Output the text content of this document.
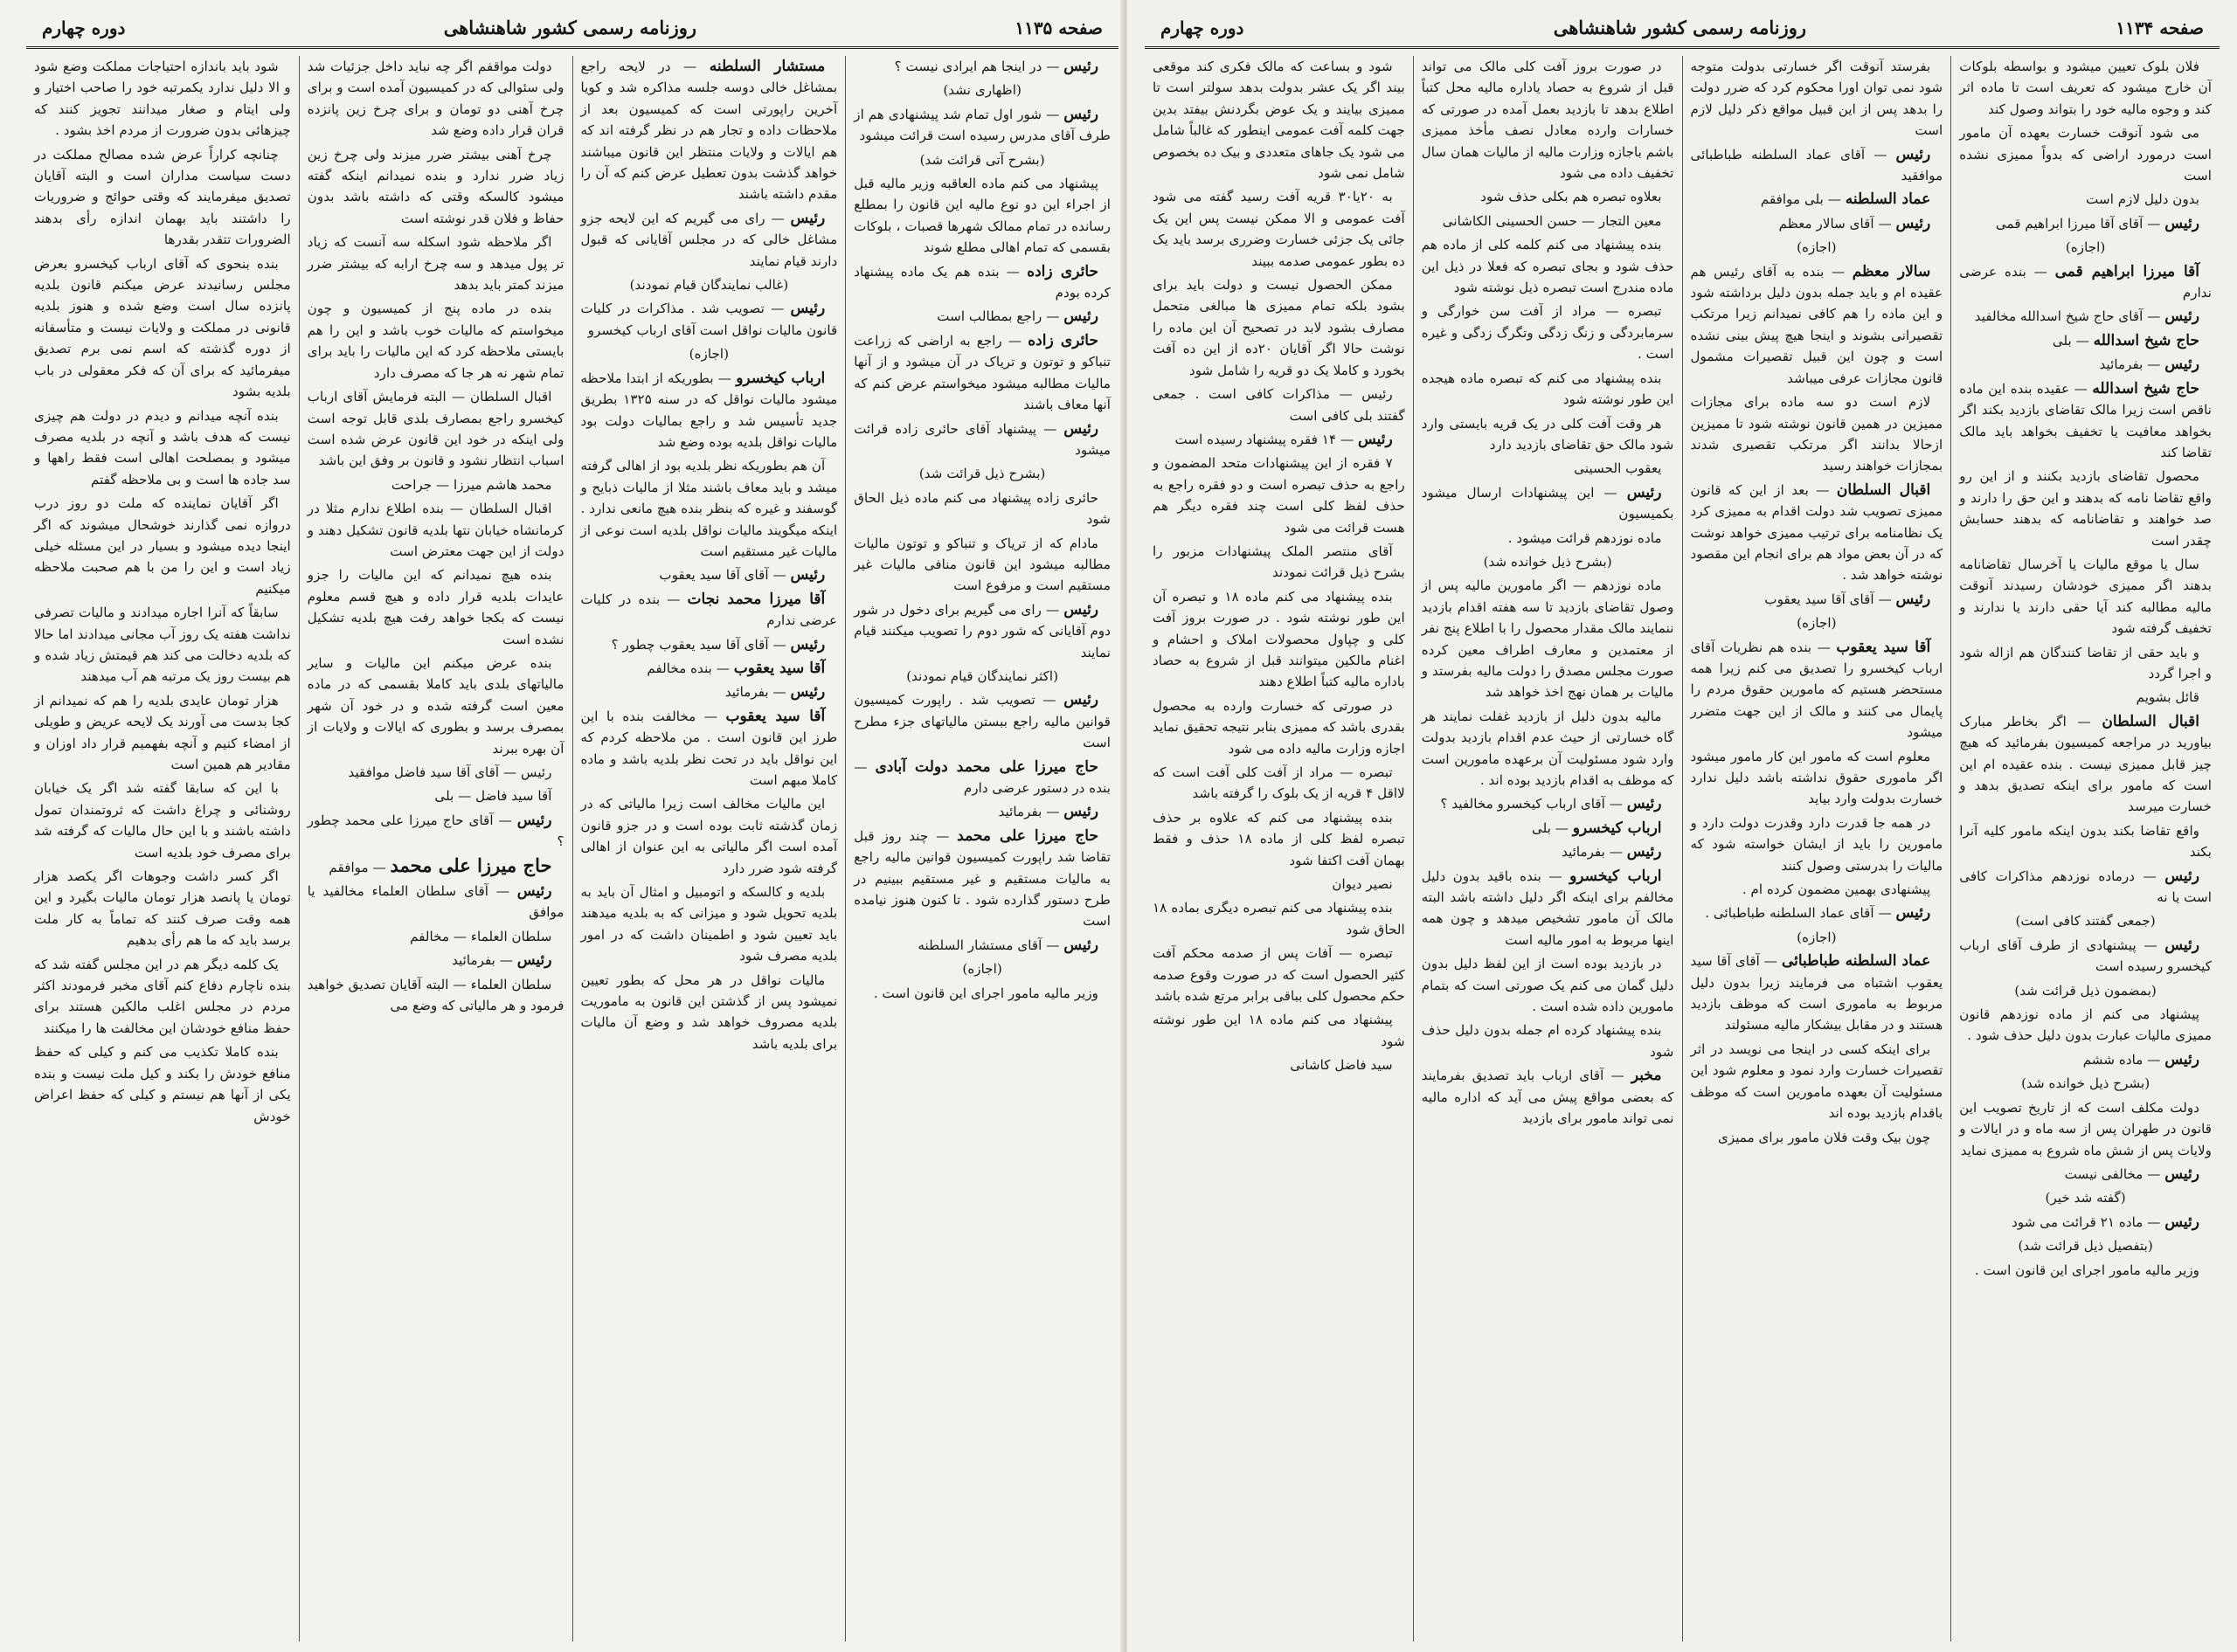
صفحه ۱۱۳۵
روزنامه رسمی کشور شاهنشاهی
دوره چهارم

رئیس — در اینجا هم ایرادی نیست ؟

(اظهاری نشد)

رئیس — شور اول تمام شد پیشنهادی هم از طرف آقای مدرس رسیده است قرائت میشود

(بشرح آتی قرائت شد)

پیشنهاد می کنم ماده العاقبه وزیر مالیه قبل از اجراء این دو نوع مالیه این قانون را بمطلع رسانده در تمام ممالک شهرها قصبات ، بلوکات بقسمی که تمام اهالی مطلع شوند

حائری زاده — بنده هم یک ماده پیشنهاد کرده بودم

رئیس — راجع بمطالب است

حائری زاده — راجع به اراضی که زراعت تنباکو و توتون و تریاک در آن میشود و از آنها مالیات مطالبه میشود میخواستم عرض کنم که آنها معاف باشند

رئیس — پیشنهاد آقای حائری زاده قرائت میشود

(بشرح ذیل قرائت شد)

حائری زاده پیشنهاد می کنم ماده ذیل الحاق شود

مادام که از تریاک و تنباکو و توتون مالیات مطالبه میشود این قانون منافی مالیات غیر مستقیم است و مرفوع است

رئیس — رای می گیریم برای دخول در شور دوم آقایانی که شور دوم را تصویب میکنند قیام نمایند

(اکثر نمایندگان قیام نمودند)

رئیس — تصویب شد . راپورت کمیسیون قوانین مالیه راجع ببستن مالیاتهای جزء مطرح است

حاج میرزا علی محمد دولت آبادی — بنده در دستور عرضی دارم

رئیس — بفرمائید

حاج میرزا علی محمد — چند روز قبل تقاضا شد راپورت کمیسیون قوانین مالیه راجع به مالیات مستقیم و غیر مستقیم ببینیم در طرح دستور گذارده شود . تا کنون هنوز نیامده است

رئیس — آقای مستشار السلطنه

(اجازه)

وزیر مالیه مامور اجرای این قانون است .

مستشار السلطنه — در لایحه راجع بمشاغل خالی دوسه جلسه مذاکره شد و کویا آخرین راپورتی است که کمیسیون بعد از ملاحظات داده و تجار هم در نظر گرفته اند که هم ایالات و ولایات منتظر این قانون میباشند خواهد گذشت بدون تعطیل عرض کنم که آن را مقدم داشته باشند

رئیس — رای می گیریم که این لایحه جزو مشاغل خالی که در مجلس آقایانی که قبول دارند قیام نمایند

(غالب نمایندگان قیام نمودند)

رئیس — تصویب شد . مذاکرات در کلیات قانون مالیات نواقل است آقای ارباب کیخسرو

(اجازه)

ارباب کیخسرو — بطوریکه از ابتدا ملاحظه میشود مالیات نواقل که در سنه ۱۳۲۵ بطریق جدید تأسیس شد و راجع بمالیات دولت بود مالیات نواقل بلدیه بوده وضع شد

آن هم بطوریکه نظر بلدیه بود از اهالی گرفته میشد و باید معاف باشند مثلا از مالیات ذبایح و گوسفند و غیره که بنظر بنده هیچ مانعی ندارد . اینکه میگویند مالیات نواقل بلدیه است نوعی از مالیات غیر مستقیم است

رئیس — آقای آقا سید یعقوب

آقا میرزا محمد نجات — بنده در کلیات عرضی ندارم

رئیس — آقای آقا سید یعقوب چطور ؟

آقا سید یعقوب — بنده مخالفم

رئیس — بفرمائید

آقا سید یعقوب — مخالفت بنده با این طرز این قانون است . من ملاحظه کردم که این نواقل باید در تحت نظر بلدیه باشد و ماده کاملا مبهم است

این مالیات مخالف است زیرا مالیاتی که در زمان گذشته ثابت بوده است و در جزو قانون آمده است اگر مالیاتی به این عنوان از اهالی گرفته شود ضرر دارد

بلدیه و کالسکه و اتومبیل و امثال آن باید به بلدیه تحویل شود و میزانی که به بلدیه میدهند باید تعیین شود و اطمینان داشت که در امور بلدیه مصرف شود

مالیات نواقل در هر محل که بطور تعیین نمیشود پس از گذشتن این قانون به ماموریت بلدیه مصروف خواهد شد و وضع آن مالیات برای بلدیه باشد

دولت مواقفم اگر چه نباید داخل جزئیات شد ولی سئوالی که در کمیسیون آمده است و برای چرخ آهنی دو تومان و برای چرخ زین پانزده قران قرار داده وضع شد

چرخ آهنی بیشتر ضرر میزند ولی چرخ زین زیاد ضرر ندارد و بنده نمیدانم اینکه گفته میشود کالسکه وقتی که داشته باشد بدون حفاظ و فلان قدر نوشته است

اگر ملاحظه شود اسکله سه آنست که زیاد تر پول میدهد و سه چرخ ارابه که بیشتر ضرر میزند کمتر باید بدهد

بنده در ماده پنج از کمیسیون و چون میخواستم که مالیات خوب باشد و این را هم بایستی ملاحظه کرد که این مالیات را باید برای تمام شهر نه هر جا که مصرف دارد

اقبال السلطان — البته فرمایش آقای ارباب کیخسرو راجع بمصارف بلدی قابل توجه است ولی اینکه در خود این قانون عرض شده است اسباب انتظار نشود و قانون بر وفق این باشد

محمد هاشم میرزا — جراحت

اقبال السلطان — بنده اطلاع ندارم مثلا در کرمانشاه خیابان نتها بلدیه قانون تشکیل دهند و دولت از این جهت معترض است

بنده هیچ نمیدانم که این مالیات را جزو عایدات بلدیه قرار داده و هیچ قسم معلوم نیست که بکجا خواهد رفت هیچ بلدیه تشکیل نشده است

بنده عرض میکنم این مالیات و سایر مالیاتهای بلدی باید کاملا بقسمی که در ماده معین است گرفته شده و در خود آن شهر بمصرف برسد و بطوری که ایالات و ولایات از آن بهره ببرند

رئیس — آقای آقا سید فاضل موافقید

آقا سید فاضل — بلی

رئیس — آقای حاج میرزا علی محمد چطور ؟

حاج میرزا علی محمد — موافقم

رئیس — آقای سلطان العلماء مخالفید یا موافق

سلطان العلماء — مخالفم

رئیس — بفرمائید

سلطان العلماء — البته آقایان تصدیق خواهید فرمود و هر مالیاتی که وضع می

شود باید باندازه احتیاجات مملکت وضع شود و الا دلیل ندارد یکمرتبه خود را صاحب اختیار و ولی ایتام و صغار میدانند تجویز کنند که چیزهائی بدون ضرورت از مردم اخذ بشود .

چنانچه کراراً عرض شده مصالح مملکت در دست سیاست مداران است و البته آقایان تصدیق میفرمایند که وقتی حوائج و ضروریات را داشتند باید بهمان اندازه رأی بدهند الضرورات تتقدر بقدرها

بنده بنحوی که آقای ارباب کیخسرو بعرض مجلس رسانیدند عرض میکنم قانون بلدیه پانزده سال است وضع شده و هنوز بلدیه قانونی در مملکت و ولایات نیست و متأسفانه از دوره گذشته که اسم نمی برم تصدیق میفرمائید که برای آن که فکر معقولی در باب بلدیه بشود

بنده آنچه میدانم و دیدم در دولت هم چیزی نیست که هدف باشد و آنچه در بلدیه مصرف میشود و بمصلحت اهالی است فقط راهها و سد جاده ها است و بی ملاحظه گفتم

اگر آقایان نماینده که ملت دو روز درب دروازه نمی گذارند خوشحال میشوند که اگر اینجا دیده میشود و بسیار در این مسئله خیلی زیاد است و این را من با هم صحبت ملاحظه میکنیم

سابقاً که آنرا اجاره میدادند و مالیات تصرفی نداشت هفته یک روز آب مجانی میدادند اما حالا که بلدیه دخالت می کند هم قیمتش زیاد شده و هم بیست روز یک مرتبه هم آب مید‌هند

هزار تومان عایدی بلدیه را هم که نمیدانم از کجا بدست می آورند یک لایحه عریض و طویلی از امضاء کنیم و آنچه بفهمیم قرار داد اوزان و مقادیر هم همین است

با این که سابقا گفته شد اگر یک خیابان روشنائی و چراغ داشت که ثروتمندان تمول داشته باشند و با این حال مالیات که گرفته شد برای مصرف خود بلدیه است

اگر کسر داشت وجوهات اگر یکصد هزار تومان یا پانصد هزار تومان مالیات بگیرد و این همه وقت صرف کنند که تماماً به کار ملت برسد باید که ما هم رأی بدهیم

یک کلمه دیگر هم در این مجلس گفته شد که بنده ناچارم دفاع کنم آقای مخبر فرمودند اکثر مردم در مجلس اغلب مالکین هستند برای حفظ منافع خودشان این مخالفت ها را میکنند

بنده کاملا تکذیب می کنم و کیلی که حفظ منافع خودش را بکند و کیل ملت نیست و بنده یکی از آنها هم نیستم و کیلی که حفظ اعراض خودش

صفحه ۱۱۳۴
روزنامه رسمی کشور شاهنشاهی
دوره چهارم

فلان بلوک تعیین میشود و بواسطه بلوکات آن خارج میشود که تعریف است تا ماده اثر کند و وجوه مالیه خود را بتواند وصول کند

می شود آنوقت خسارت بعهده آن مامور است درمورد اراضی که بدواً ممیزی نشده است

بدون دلیل لازم است

رئیس — آقای آقا میرزا ابراهیم قمی

(اجازه)

آقا میرزا ابراهیم قمی — بنده عرضی ندارم

رئیس — آقای حاج شیخ اسدالله مخالفید

حاج شیخ اسدالله — بلی

رئیس — بفرمائید

حاج شیخ اسدالله — عقیده بنده این ماده ناقص است زیرا مالک تقاضای بازدید بکند اگر بخواهد معافیت یا تخفیف بخواهد باید مالک تقاضا کند

محصول تقاضای بازدید بکنند و از این رو واقع تقاضا نامه که بدهند و این حق را دارند و صد خواهند و تقاضانامه که بدهند حسابش چقدر است

سال یا موقع مالیات یا آخرسال تقاضانامه بدهند اگر ممیزی خودشان رسیدند آنوقت مالیه مطالبه کند آیا حقی دارند یا ندارند و تخفیف گرفته شود

و باید حقی از تقاضا کنندگان هم ازاله شود و اجرا گردد

قائل بشویم

اقبال السلطان — اگر بخاطر مبارک بیاورید در مراجعه کمیسیون بفرمائید که هیچ چیز قابل ممیزی نیست . بنده عقیده ام این است که مامور برای اینکه تصدیق بدهد و خسارت میرسد

واقع تقاضا بکند بدون اینکه مامور کلیه آنرا بکند

رئیس — درماده نوزدهم مذاکرات کافی است یا نه

(جمعی گفتند کافی است)

رئیس — پیشنهادی از طرف آقای ارباب کیخسرو رسیده است

(بمضمون ذیل قرائت شد)

پیشنهاد می کنم از ماده نوزدهم قانون ممیزی مالیات عبارت بدون دلیل حذف شود .

رئیس — ماده ششم

(بشرح ذیل خوانده شد)

دولت مکلف است که از تاریخ تصویب این قانون در طهران پس از سه ماه و در ایالات و ولایات پس از شش ماه شروع به ممیزی نماید

رئیس — مخالفی نیست

(گفته شد خیر)

رئیس — ماده ۲۱ قرائت می شود

(بتفصیل ذیل قرائت شد)

وزیر مالیه مامور اجرای این قانون است .

بفرستد آنوقت اگر خسارتی بدولت متوجه شود نمی توان اورا محکوم کرد که ضرر دولت را بدهد پس از این قبیل مواقع ذکر دلیل لازم است

رئیس — آقای عماد السلطنه طباطبائی موافقید

عماد السلطنه — بلی موافقم

رئیس — آقای سالار معظم

(اجازه)

سالار معظم — بنده به آقای رئیس هم عقیده ام و باید جمله بدون دلیل برداشته شود و این ماده را هم کافی نمیدانم زیرا مرتکب تقصیرانی بشوند و اینجا هیچ پیش بینی نشده است و چون این قبیل تقصیرات مشمول قانون مجازات عرفی میباشد

لازم است دو سه ماده برای مجازات ممیزین در همین قانون نوشته شود تا ممیزین ازحالا بدانند اگر مرتکب تقصیری شدند بمجازات خواهند رسید

اقبال السلطان — بعد از این که قانون ممیزی تصویب شد دولت اقدام به ممیزی کرد یک نظامنامه برای ترتیب ممیزی خواهد نوشت که در آن بعض مواد هم برای انجام این مقصود نوشته خواهد شد .

رئیس — آقای آقا سید یعقوب

(اجازه)

آقا سید یعقوب — بنده هم نظریات آقای ارباب کیخسرو را تصدیق می کنم زیرا همه مستحضر هستیم که مامورین حقوق مردم را پایمال می کنند و مالک از این جهت متضرر میشود

معلوم است که مامور این کار مامور میشود اگر ماموری حقوق نداشته باشد دلیل ندارد خسارت بدولت وارد بیاید

در همه جا قدرت دارد وقدرت دولت دارد و مامورین را باید از ایشان خواسته شود که مالیات را بدرستی وصول کنند

پیشنهادی بهمین مضمون کرده ام .

رئیس — آقای عماد السلطنه طباطبائی .

(اجازه)

عماد السلطنه طباطبائی — آقای آقا سید یعقوب اشتباه می فرمایند زیرا بدون دلیل مربوط به ماموری است که موظف بازدید هستند و در مقابل بیشکار مالیه مسئولند

برای اینکه کسی در اینجا می نویسد در اثر تقصیرات خسارت وارد نمود و معلوم شود این مسئولیت آن بعهده مامورین است که موظف باقدام بازدید بوده اند

چون بیک وقت فلان مامور برای ممیزی

در صورت بروز آفت کلی مالک می تواند قبل از شروع به حصاد یاداره مالیه محل کتباً اطلاع بدهد تا بازدید بعمل آمده در صورتی که خسارات وارده معادل نصف مأخذ ممیزی باشم باجازه وزارت مالیه از مالیات همان سال تخفیف داده می شود

بعلاوه تبصره هم بکلی حذف شود

معین التجار — حسن الحسینی الکاشانی

بنده پیشنهاد می کنم کلمه کلی از ماده هم حذف شود و بجای تبصره که فعلا در ذیل این ماده مندرج است تبصره ذیل نوشته شود

تبصره — مراد از آفت سن خوارگی و سرمابردگی و زنگ زدگی وتگرگ زدگی و غیره است .

بنده پیشنهاد می کنم که تبصره ماده هیجده این طور نوشته شود

هر وقت آفت کلی در یک قریه بایستی وارد شود مالک حق تقاضای بازدید دارد

یعقوب الحسینی

رئیس — این پیشنهادات ارسال میشود بکمیسیون

ماده نوزدهم قرائت میشود .

(بشرح ذیل خوانده شد)

ماده نوزدهم — اگر مامورین مالیه پس از وصول تقاضای بازدید تا سه هفته اقدام بازدید ننمایند مالک مقدار محصول را با اطلاع پنج نفر از معتمدین و معارف اطراف معین کرده صورت مجلس مصدق را دولت مالیه بفرستد و مالیات بر همان نهج اخذ خواهد شد

مالیه بدون دلیل از بازدید غفلت نمایند هر گاه خسارتی از حیث عدم اقدام بازدید بدولت وارد شود مسئولیت آن برعهده مامورین است که موظف به اقدام بازدید بوده اند .

رئیس — آقای ارباب کیخسرو مخالفید ؟

ارباب کیخسرو — بلی

رئیس — بفرمائید

ارباب کیخسرو — بنده باقید بدون دلیل مخالفم برای اینکه اگر دلیل داشته باشد البته مالک آن مامور تشخیص میدهد و چون همه اینها مربوط به امور مالیه است

در بازدید بوده است از این لفظ دلیل بدون دلیل گمان می کنم یک صورتی است که بتمام مامورین داده شده است .

بنده پیشنهاد کرده ام جمله بدون دلیل حذف شود

مخبر — آقای ارباب باید تصدیق بفرمایند که بعضی مواقع پیش می آید که اداره مالیه نمی تواند مامور برای بازدید

شود و بساعت که مالک فکری کند موقعی بیند اگر یک عشر بدولت بدهد سولتر است تا ممیزی بیایند و یک عوض بگردنش بیفتد بدین جهت کلمه آفت عمومی اینطور که غالباً شامل می شود یک جاهای متعددی و بیک ده بخصوص شامل نمی شود

به ۲۰یا۳۰ قریه آفت رسید گفته می شود آفت عمومی و الا ممکن نیست پس این یک جائی یک جزئی خسارت وضرری برسد باید یک ده بطور عمومی صدمه ببیند

ممکن الحصول نیست و دولت باید برای بشود بلکه تمام ممیزی ها مبالغی متحمل مصارف بشود لابد در تصحیح آن این ماده را نوشت حالا اگر آقایان ۲۰ده از این ده آفت بخورد و کاملا یک دو قریه را شامل شود

رئیس — مذاکرات کافی است . جمعی گفتند بلی کافی است

رئیس — ۱۴ فقره پیشنهاد رسیده است

۷ فقره از این پیشنهادات متحد المضمون و راجع به حذف تبصره است و دو فقره راجع به حذف لفظ کلی است چند فقره دیگر هم هست قرائت می شود

آقای منتصر الملک پیشنهادات مزبور را بشرح ذیل قرائت نمودند

بنده پیشنهاد می کنم ماده ۱۸ و تبصره آن این طور نوشته شود . در صورت بروز آفت کلی و چپاول محصولات املاک و احشام و اغنام مالکین میتوانند قبل از شروع به حصاد باداره مالیه کتباً اطلاع دهند

در صورتی که خسارت وارده به محصول بقدری باشد که ممیزی بنابر نتیجه تحقیق نماید اجازه وزارت مالیه داده می شود

تبصره — مراد از آفت کلی آفت است که لااقل ۴ قریه از یک بلوک را گرفته باشد

بنده پیشنهاد می کنم که علاوه بر حذف تبصره لفظ کلی از ماده ۱۸ حذف و فقط بهمان آفت اکتفا شود

نصیر دیوان

بنده پیشنهاد می کنم تبصره دیگری بماده ۱۸ الحاق شود

تبصره — آفات پس از صدمه محکم آفت کثیر الحصول است که در صورت وقوع صدمه حکم محصول کلی بباقی برابر مرتع شده باشد

پیشنهاد می کنم ماده ۱۸ این طور نوشته شود

سید فاضل کاشانی
